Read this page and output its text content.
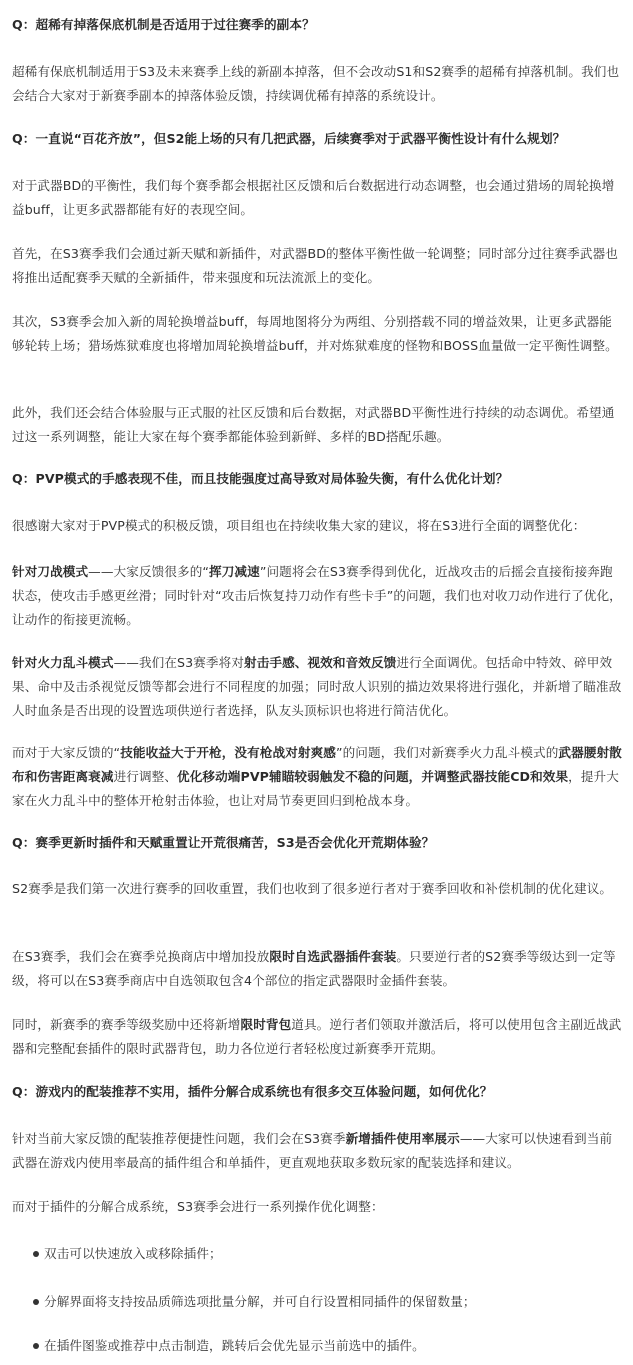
Q：超稀有掉落保底机制是否适用于过往赛季的副本？

超稀有保底机制适用于S3及未来赛季上线的新副本掉落，但不会改动S1和S2赛季的超稀有掉落机制。我们也会结合大家对于新赛季副本的掉落体验反馈，持续调优稀有掉落的系统设计。

Q：一直说“百花齐放”，但S2能上场的只有几把武器，后续赛季对于武器平衡性设计有什么规划？

对于武器BD的平衡性，我们每个赛季都会根据社区反馈和后台数据进行动态调整，也会通过猎场的周轮换增益buff，让更多武器都能有好的表现空间。

首先，在S3赛季我们会通过新天赋和新插件，对武器BD的整体平衡性做一轮调整；同时部分过往赛季武器也将推出适配赛季天赋的全新插件，带来强度和玩法流派上的变化。

其次，S3赛季会加入新的周轮换增益buff，每周地图将分为两组、分别搭载不同的增益效果，让更多武器能够轮转上场；猎场炼狱难度也将增加周轮换增益buff，并对炼狱难度的怪物和BOSS血量做一定平衡性调整。

此外，我们还会结合体验服与正式服的社区反馈和后台数据，对武器BD平衡性进行持续的动态调优。希望通过这一系列调整，能让大家在每个赛季都能体验到新鲜、多样的BD搭配乐趣。

Q：PVP模式的手感表现不佳，而且技能强度过高导致对局体验失衡，有什么优化计划？

很感谢大家对于PVP模式的积极反馈，项目组也在持续收集大家的建议，将在S3进行全面的调整优化：

针对刀战模式——大家反馈很多的“挥刀减速”问题将会在S3赛季得到优化，近战攻击的后摇会直接衔接奔跑状态，使攻击手感更丝滑；同时针对“攻击后恢复持刀动作有些卡手”的问题，我们也对收刀动作进行了优化，让动作的衔接更流畅。

针对火力乱斗模式——我们在S3赛季将对射击手感、视效和音效反馈进行全面调优。包括命中特效、碎甲效果、命中及击杀视觉反馈等都会进行不同程度的加强；同时敌人识别的描边效果将进行强化，并新增了瞄准敌人时血条是否出现的设置选项供逆行者选择，队友头顶标识也将进行简洁优化。

而对于大家反馈的“技能收益大于开枪，没有枪战对射爽感”的问题，我们对新赛季火力乱斗模式的武器腰射散布和伤害距离衰减进行调整、优化移动端PVP辅瞄较弱触发不稳的问题，并调整武器技能CD和效果，提升大家在火力乱斗中的整体开枪射击体验，也让对局节奏更回归到枪战本身。

Q：赛季更新时插件和天赋重置让开荒很痛苦，S3是否会优化开荒期体验？

S2赛季是我们第一次进行赛季的回收重置，我们也收到了很多逆行者对于赛季回收和补偿机制的优化建议。

在S3赛季，我们会在赛季兑换商店中增加投放限时自选武器插件套装。只要逆行者的S2赛季等级达到一定等级，将可以在S3赛季商店中自选领取包含4个部位的指定武器限时金插件套装。

同时，新赛季的赛季等级奖励中还将新增限时背包道具。逆行者们领取并激活后，将可以使用包含主副近战武器和完整配套插件的限时武器背包，助力各位逆行者轻松度过新赛季开荒期。

Q：游戏内的配装推荐不实用，插件分解合成系统也有很多交互体验问题，如何优化？

针对当前大家反馈的配装推荐便捷性问题，我们会在S3赛季新增插件使用率展示——大家可以快速看到当前武器在游戏内使用率最高的插件组合和单插件，更直观地获取多数玩家的配装选择和建议。

而对于插件的分解合成系统，S3赛季会进行一系列操作优化调整：

双击可以快速放入或移除插件；

分解界面将支持按品质筛选项批量分解，并可自行设置相同插件的保留数量；

在插件图鉴或推荐中点击制造，跳转后会优先显示当前选中的插件。
